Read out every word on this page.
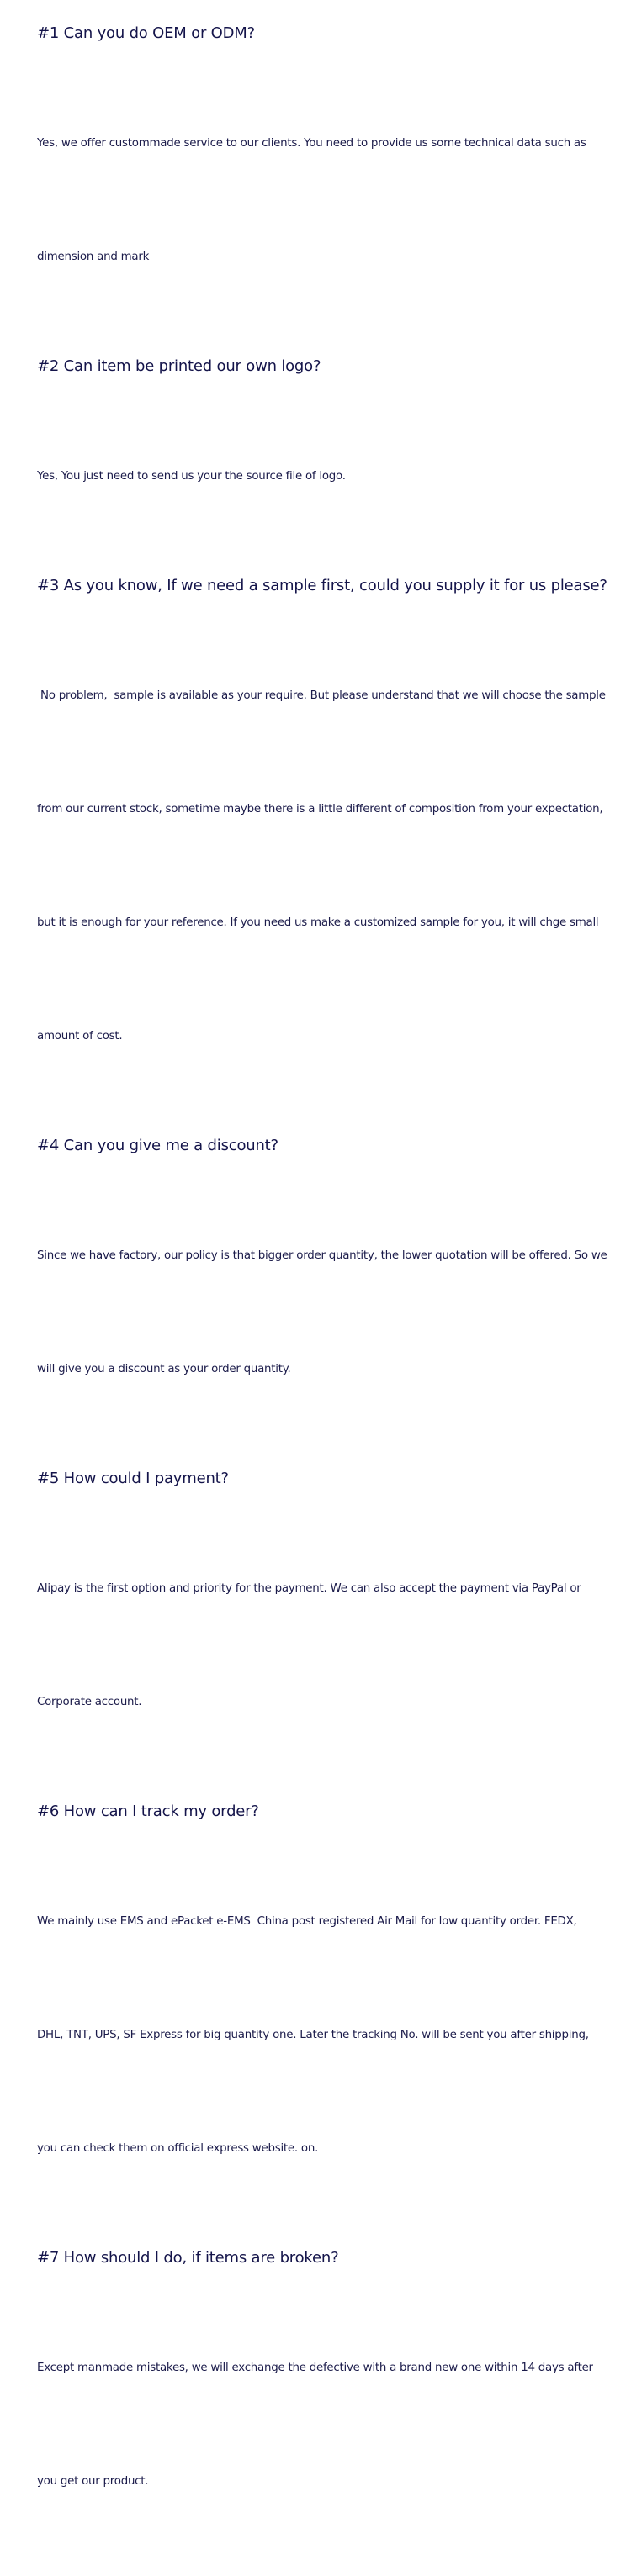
#1 Can you do OEM or ODM?

Yes, we offer custommade service to our clients. You need to provide us some technical data such as

dimension and mark

#2 Can item be printed our own logo?

Yes, You just need to send us your the source file of logo.

#3 As you know, If we need a sample first, could you supply it for us please?

No problem,  sample is available as your require. But please understand that we will choose the sample

from our current stock, sometime maybe there is a little different of composition from your expectation,

but it is enough for your reference. If you need us make a customized sample for you, it will chge small

amount of cost.

#4 Can you give me a discount?

Since we have factory, our policy is that bigger order quantity, the lower quotation will be offered. So we

will give you a discount as your order quantity.

#5 How could I payment?

Alipay is the first option and priority for the payment. We can also accept the payment via PayPal or

Corporate account.

#6 How can I track my order?

We mainly use EMS and ePacket e-EMS  China post registered Air Mail for low quantity order. FEDX,

DHL, TNT, UPS, SF Express for big quantity one. Later the tracking No. will be sent you after shipping,

you can check them on official express website. on.

#7 How should I do, if items are broken?

Except manmade mistakes, we will exchange the defective with a brand new one within 14 days after

you get our product.
